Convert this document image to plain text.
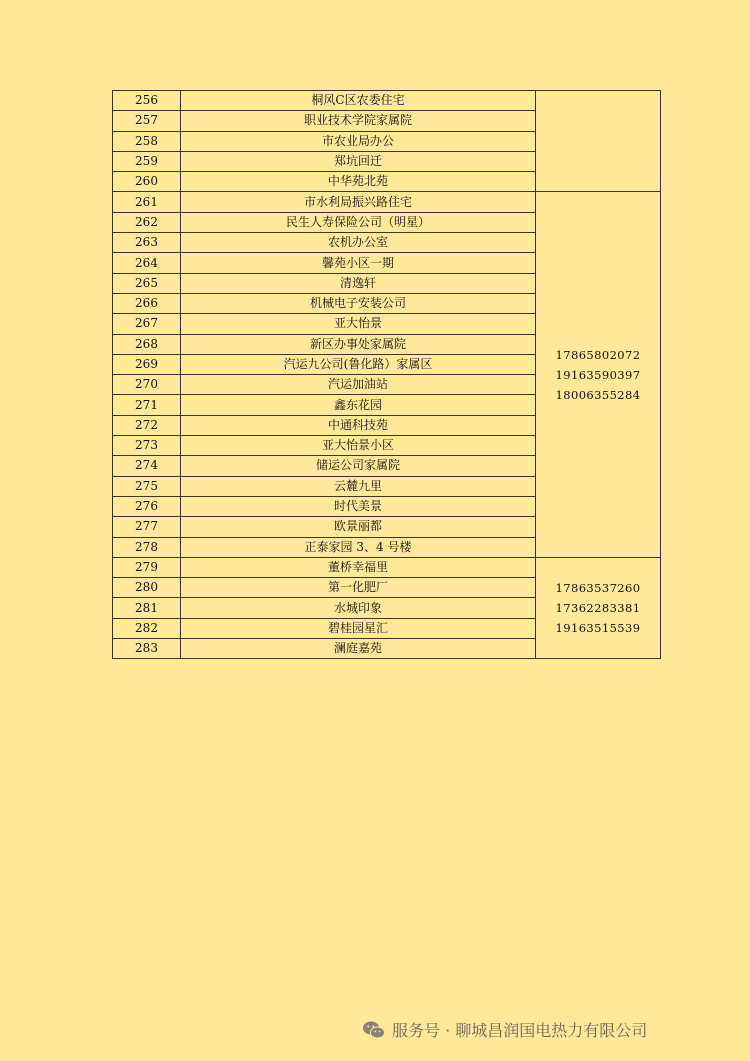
256	桐风C区农委住宅	
257	职业技术学院家属院	
258	市农业局办公	
259	郑坑回迁	
260	中华苑北苑	
261	市水利局振兴路住宅	17865802072
19163590397
18006355284

262	民生人寿保险公司（明星）	
263	农机办公室	
264	馨苑小区一期	
265	清逸轩	
266	机械电子安装公司	
267	亚大怡景	
268	新区办事处家属院	
269	汽运九公司(鲁化路）家属区	
270	汽运加油站	
271	鑫东花园	
272	中通科技苑	
273	亚大怡景小区	
274	储运公司家属院	
275	云麓九里	
276	时代美景	
277	欧景丽都	
278	正泰家园 3、4 号楼	
279	董桥幸福里	17863537260
17362283381
19163515539

280	第一化肥厂	
281	水城印象	
282	碧桂园星汇	
283	澜庭嘉苑	
服务号 · 聊城昌润国电热力有限公司
